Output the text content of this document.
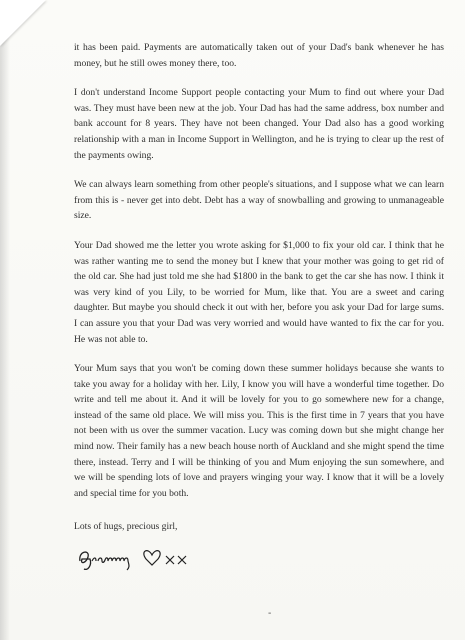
it has been paid. Payments are automatically taken out of your Dad's bank whenever he has money, but he still owes money there, too.

I don't understand Income Support people contacting your Mum to find out where your Dad was. They must have been new at the job. Your Dad has had the same address, box number and bank account for 8 years. They have not been changed. Your Dad also has a good working relationship with a man in Income Support in Wellington, and he is trying to clear up the rest of the payments owing.

We can always learn something from other people's situations, and I suppose what we can learn from this is - never get into debt. Debt has a way of snowballing and growing to unmanageable size.

Your Dad showed me the letter you wrote asking for $1,000 to fix your old car. I think that he was rather wanting me to send the money but I knew that your mother was going to get rid of the old car. She had just told me she had $1800 in the bank to get the car she has now. I think it was very kind of you Lily, to be worried for Mum, like that. You are a sweet and caring daughter. But maybe you should check it out with her, before you ask your Dad for large sums. I can assure you that your Dad was very worried and would have wanted to fix the car for you. He was not able to.

Your Mum says that you won't be coming down these summer holidays because she wants to take you away for a holiday with her. Lily, I know you will have a wonderful time together. Do write and tell me about it. And it will be lovely for you to go somewhere new for a change, instead of the same old place. We will miss you. This is the first time in 7 years that you have not been with us over the summer vacation. Lucy was coming down but she might change her mind now. Their family has a new beach house north of Auckland and she might spend the time there, instead. Terry and I will be thinking of you and Mum enjoying the sun somewhere, and we will be spending lots of love and prayers winging your way. I know that it will be a lovely and special time for you both.

Lots of hugs, precious girl,

-
